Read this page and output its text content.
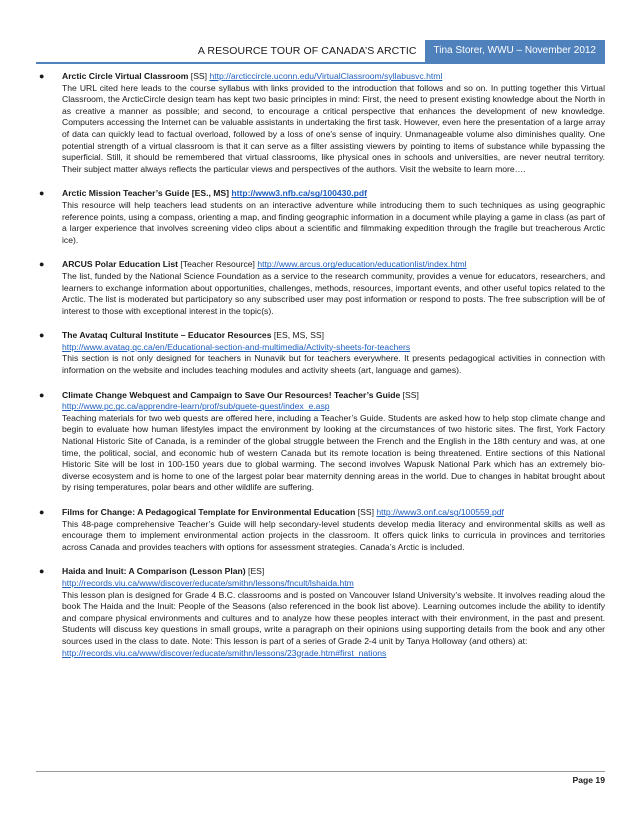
A RESOURCE TOUR OF CANADA’S ARCTIC	Tina Storer, WWU – November 2012
● Arctic Circle Virtual Classroom [SS] http://arcticcircle.uconn.edu/VirtualClassroom/syllabusvc.html
The URL cited here leads to the course syllabus with links provided to the introduction that follows and so on. In putting together this Virtual Classroom, the ArcticCircle design team has kept two basic principles in mind: First, the need to present existing knowledge about the North in as creative a manner as possible; and second, to encourage a critical perspective that enhances the development of new knowledge. Computers accessing the Internet can be valuable assistants in undertaking the first task. However, even here the presentation of a large array of data can quickly lead to factual overload, followed by a loss of one's sense of inquiry. Unmanageable volume also diminishes quality. One potential strength of a virtual classroom is that it can serve as a filter assisting viewers by pointing to items of substance while bypassing the superficial. Still, it should be remembered that virtual classrooms, like physical ones in schools and universities, are never neutral territory. Their subject matter always reflects the particular views and perspectives of the authors. Visit the website to learn more….
● Arctic Mission Teacher’s Guide [ES., MS] http://www3.nfb.ca/sg/100430.pdf
This resource will help teachers lead students on an interactive adventure while introducing them to such techniques as using geographic reference points, using a compass, orienting a map, and finding geographic information in a document while playing a game in class (as part of a larger experience that involves screening video clips about a scientific and filmmaking expedition through the fragile but treacherous Arctic ice).
● ARCUS Polar Education List [Teacher Resource] http://www.arcus.org/education/educationlist/index.html
The list, funded by the National Science Foundation as a service to the research community, provides a venue for educators, researchers, and learners to exchange information about opportunities, challenges, methods, resources, important events, and other useful topics related to the Arctic. The list is moderated but participatory so any subscribed user may post information or respond to posts. The free subscription will be of interest to those with exceptional interest in the topic(s).
● The Avataq Cultural Institute – Educator Resources [ES, MS, SS]
http://www.avataq.qc.ca/en/Educational-section-and-multimedia/Activity-sheets-for-teachers
This section is not only designed for teachers in Nunavik but for teachers everywhere. It presents pedagogical activities in connection with information on the website and includes teaching modules and activity sheets (art, language and games).
● Climate Change Webquest and Campaign to Save Our Resources! Teacher’s Guide [SS]
http://www.pc.gc.ca/apprendre-learn/prof/sub/quete-quest/index_e.asp
Teaching materials for two web quests are offered here, including a Teacher’s Guide. Students are asked how to help stop climate change and begin to evaluate how human lifestyles impact the environment by looking at the circumstances of two historic sites. The first, York Factory National Historic Site of Canada, is a reminder of the global struggle between the French and the English in the 18th century and was, at one time, the political, social, and economic hub of western Canada but its remote location is being threatened. Entire sections of this National Historic Site will be lost in 100-150 years due to global warming. The second involves Wapusk National Park which has an extremely bio-diverse ecosystem and is home to one of the largest polar bear maternity denning areas in the world. Due to changes in habitat brought about by rising temperatures, polar bears and other wildlife are suffering.
● Films for Change: A Pedagogical Template for Environmental Education [SS] http://www3.onf.ca/sg/100559.pdf
This 48-page comprehensive Teacher’s Guide will help secondary-level students develop media literacy and environmental skills as well as encourage them to implement environmental action projects in the classroom. It offers quick links to curricula in provinces and territories across Canada and provides teachers with options for assessment strategies. Canada’s Arctic is included.
● Haida and Inuit: A Comparison (Lesson Plan) [ES]
http://records.viu.ca/www/discover/educate/smithn/lessons/fncult/lshaida.htm
This lesson plan is designed for Grade 4 B.C. classrooms and is posted on Vancouver Island University’s website. It involves reading aloud the book The Haida and the Inuit: People of the Seasons (also referenced in the book list above). Learning outcomes include the ability to identify and compare physical environments and cultures and to analyze how these peoples interact with their environment, in the past and present. Students will discuss key questions in small groups, write a paragraph on their opinions using supporting details from the book and any other sources used in the class to date. Note: This lesson is part of a series of Grade 2-4 unit by Tanya Holloway (and others) at:
http://records.viu.ca/www/discover/educate/smithn/lessons/23grade.htm#first_nations
Page 19
